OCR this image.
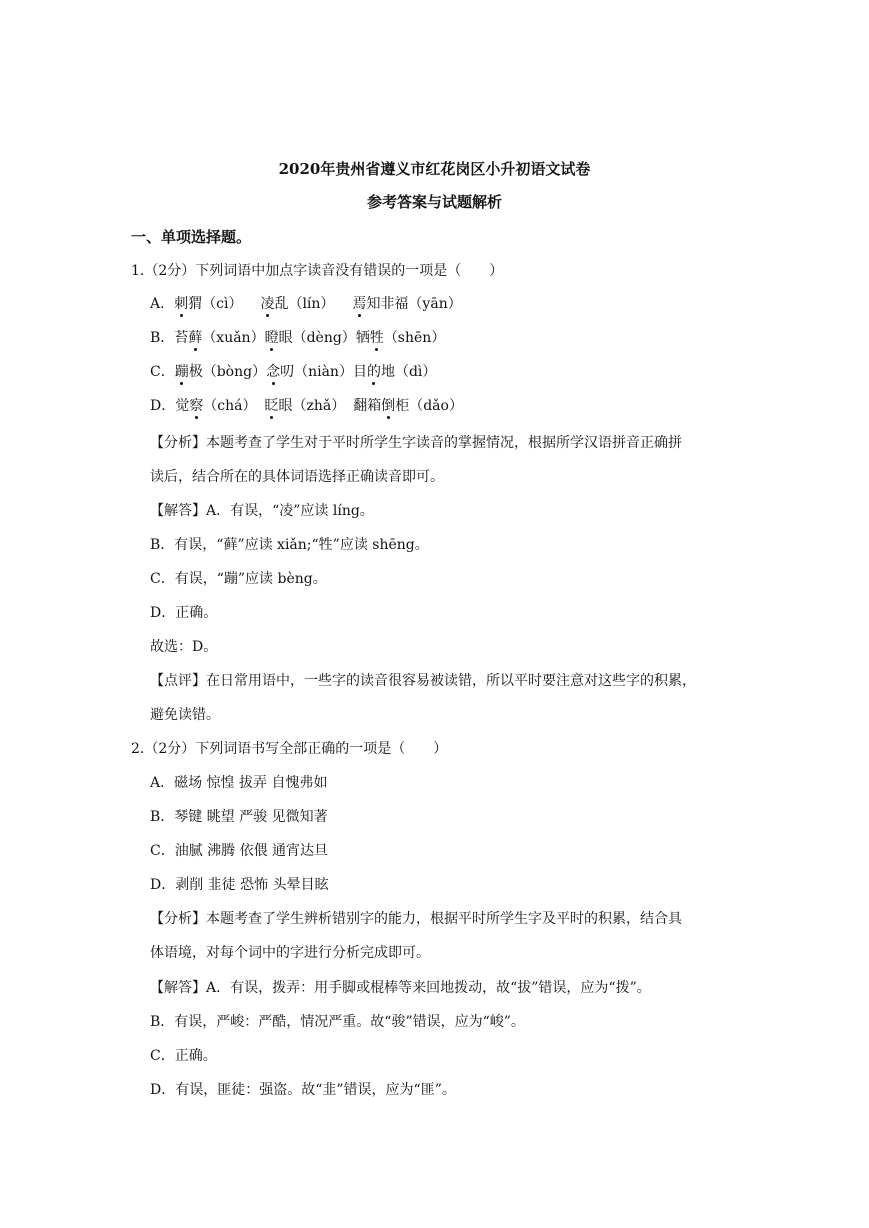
2020年贵州省遵义市红花岗区小升初语文试卷
参考答案与试题解析
一、单项选择题。
1.（2分）下列词语中加点字读音没有错误的一项是（　　）
A．刺猬（cì） 凌乱（lín） 焉知非福（yān）
B．苔藓（xuǎn）瞪眼（dèng）牺牲（shēn）
C．蹦极（bòng）念叨（niàn）目的地（dì）
D．觉察（chá） 眨眼（zhǎ） 翻箱倒柜（dǎo）
【分析】本题考查了学生对于平时所学生字读音的掌握情况，根据所学汉语拼音正确拼
读后，结合所在的具体词语选择正确读音即可。
【解答】A．有误，“凌”应读 líng。
B．有误，“藓”应读 xiǎn;“牲”应读 shēng。
C．有误，“蹦”应读 bèng。
D．正确。
故选：D。
【点评】在日常用语中，一些字的读音很容易被读错，所以平时要注意对这些字的积累，
避免读错。
2.（2分）下列词语书写全部正确的一项是（　　）
A．磁场 惊惶 拔弄 自愧弗如
B．琴键 眺望 严骏 见微知著
C．油腻 沸腾 依偎 通宵达旦
D．剥削 韭徒 恐怖 头晕目眩
【分析】本题考查了学生辨析错别字的能力，根据平时所学生字及平时的积累，结合具
体语境，对每个词中的字进行分析完成即可。
【解答】A．有误，拨弄：用手脚或棍棒等来回地拨动，故“拔”错误，应为“拨”。
B．有误，严峻：严酷，情况严重。故“骏”错误，应为“峻”。
C．正确。
D．有误，匪徒：强盗。故“韭”错误，应为“匪”。
